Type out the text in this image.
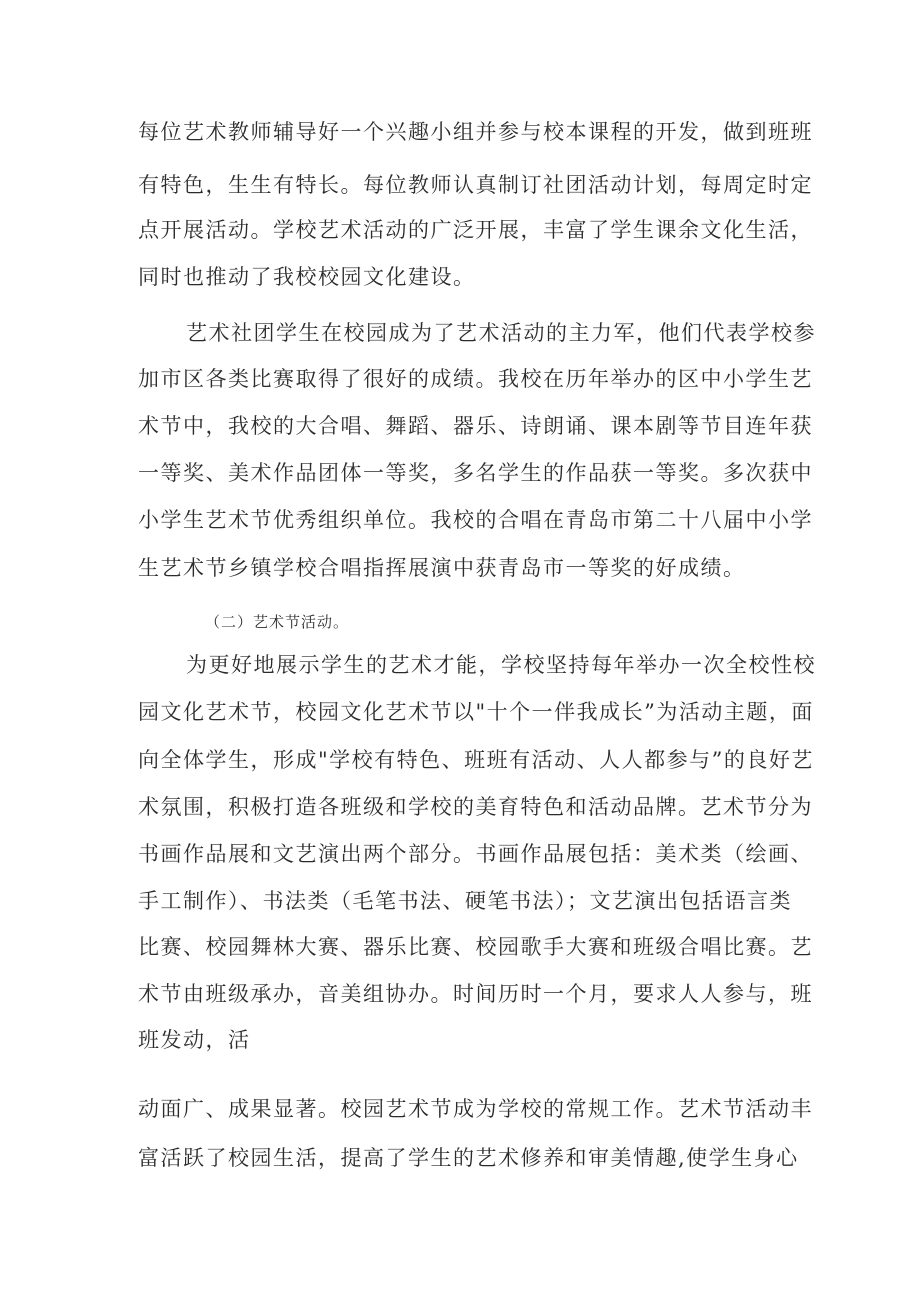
每位艺术教师辅导好一个兴趣小组并参与校本课程的开发，做到班班
有特色，生生有特长。每位教师认真制订社团活动计划，每周定时定
点开展活动。学校艺术活动的广泛开展，丰富了学生课余文化生活，
同时也推动了我校校园文化建设。
艺术社团学生在校园成为了艺术活动的主力军，他们代表学校参
加市区各类比赛取得了很好的成绩。我校在历年举办的区中小学生艺
术节中，我校的大合唱、舞蹈、器乐、诗朗诵、课本剧等节目连年获
一等奖、美术作品团体一等奖，多名学生的作品获一等奖。多次获中
小学生艺术节优秀组织单位。我校的合唱在青岛市第二十八届中小学
生艺术节乡镇学校合唱指挥展演中获青岛市一等奖的好成绩。
（二）艺术节活动。
为更好地展示学生的艺术才能，学校坚持每年举办一次全校性校
园文化艺术节，校园文化艺术节以"十个一伴我成长”为活动主题，面
向全体学生，形成"学校有特色、班班有活动、人人都参与”的良好艺
术氛围，积极打造各班级和学校的美育特色和活动品牌。艺术节分为
书画作品展和文艺演出两个部分。书画作品展包括：美术类（绘画、
手工制作）、书法类（毛笔书法、硬笔书法）；文艺演出包括语言类
比赛、校园舞林大赛、器乐比赛、校园歌手大赛和班级合唱比赛。艺
术节由班级承办，音美组协办。时间历时一个月，要求人人参与，班
班发动，活
动面广、成果显著。校园艺术节成为学校的常规工作。艺术节活动丰
富活跃了校园生活，提高了学生的艺术修养和审美情趣,使学生身心
